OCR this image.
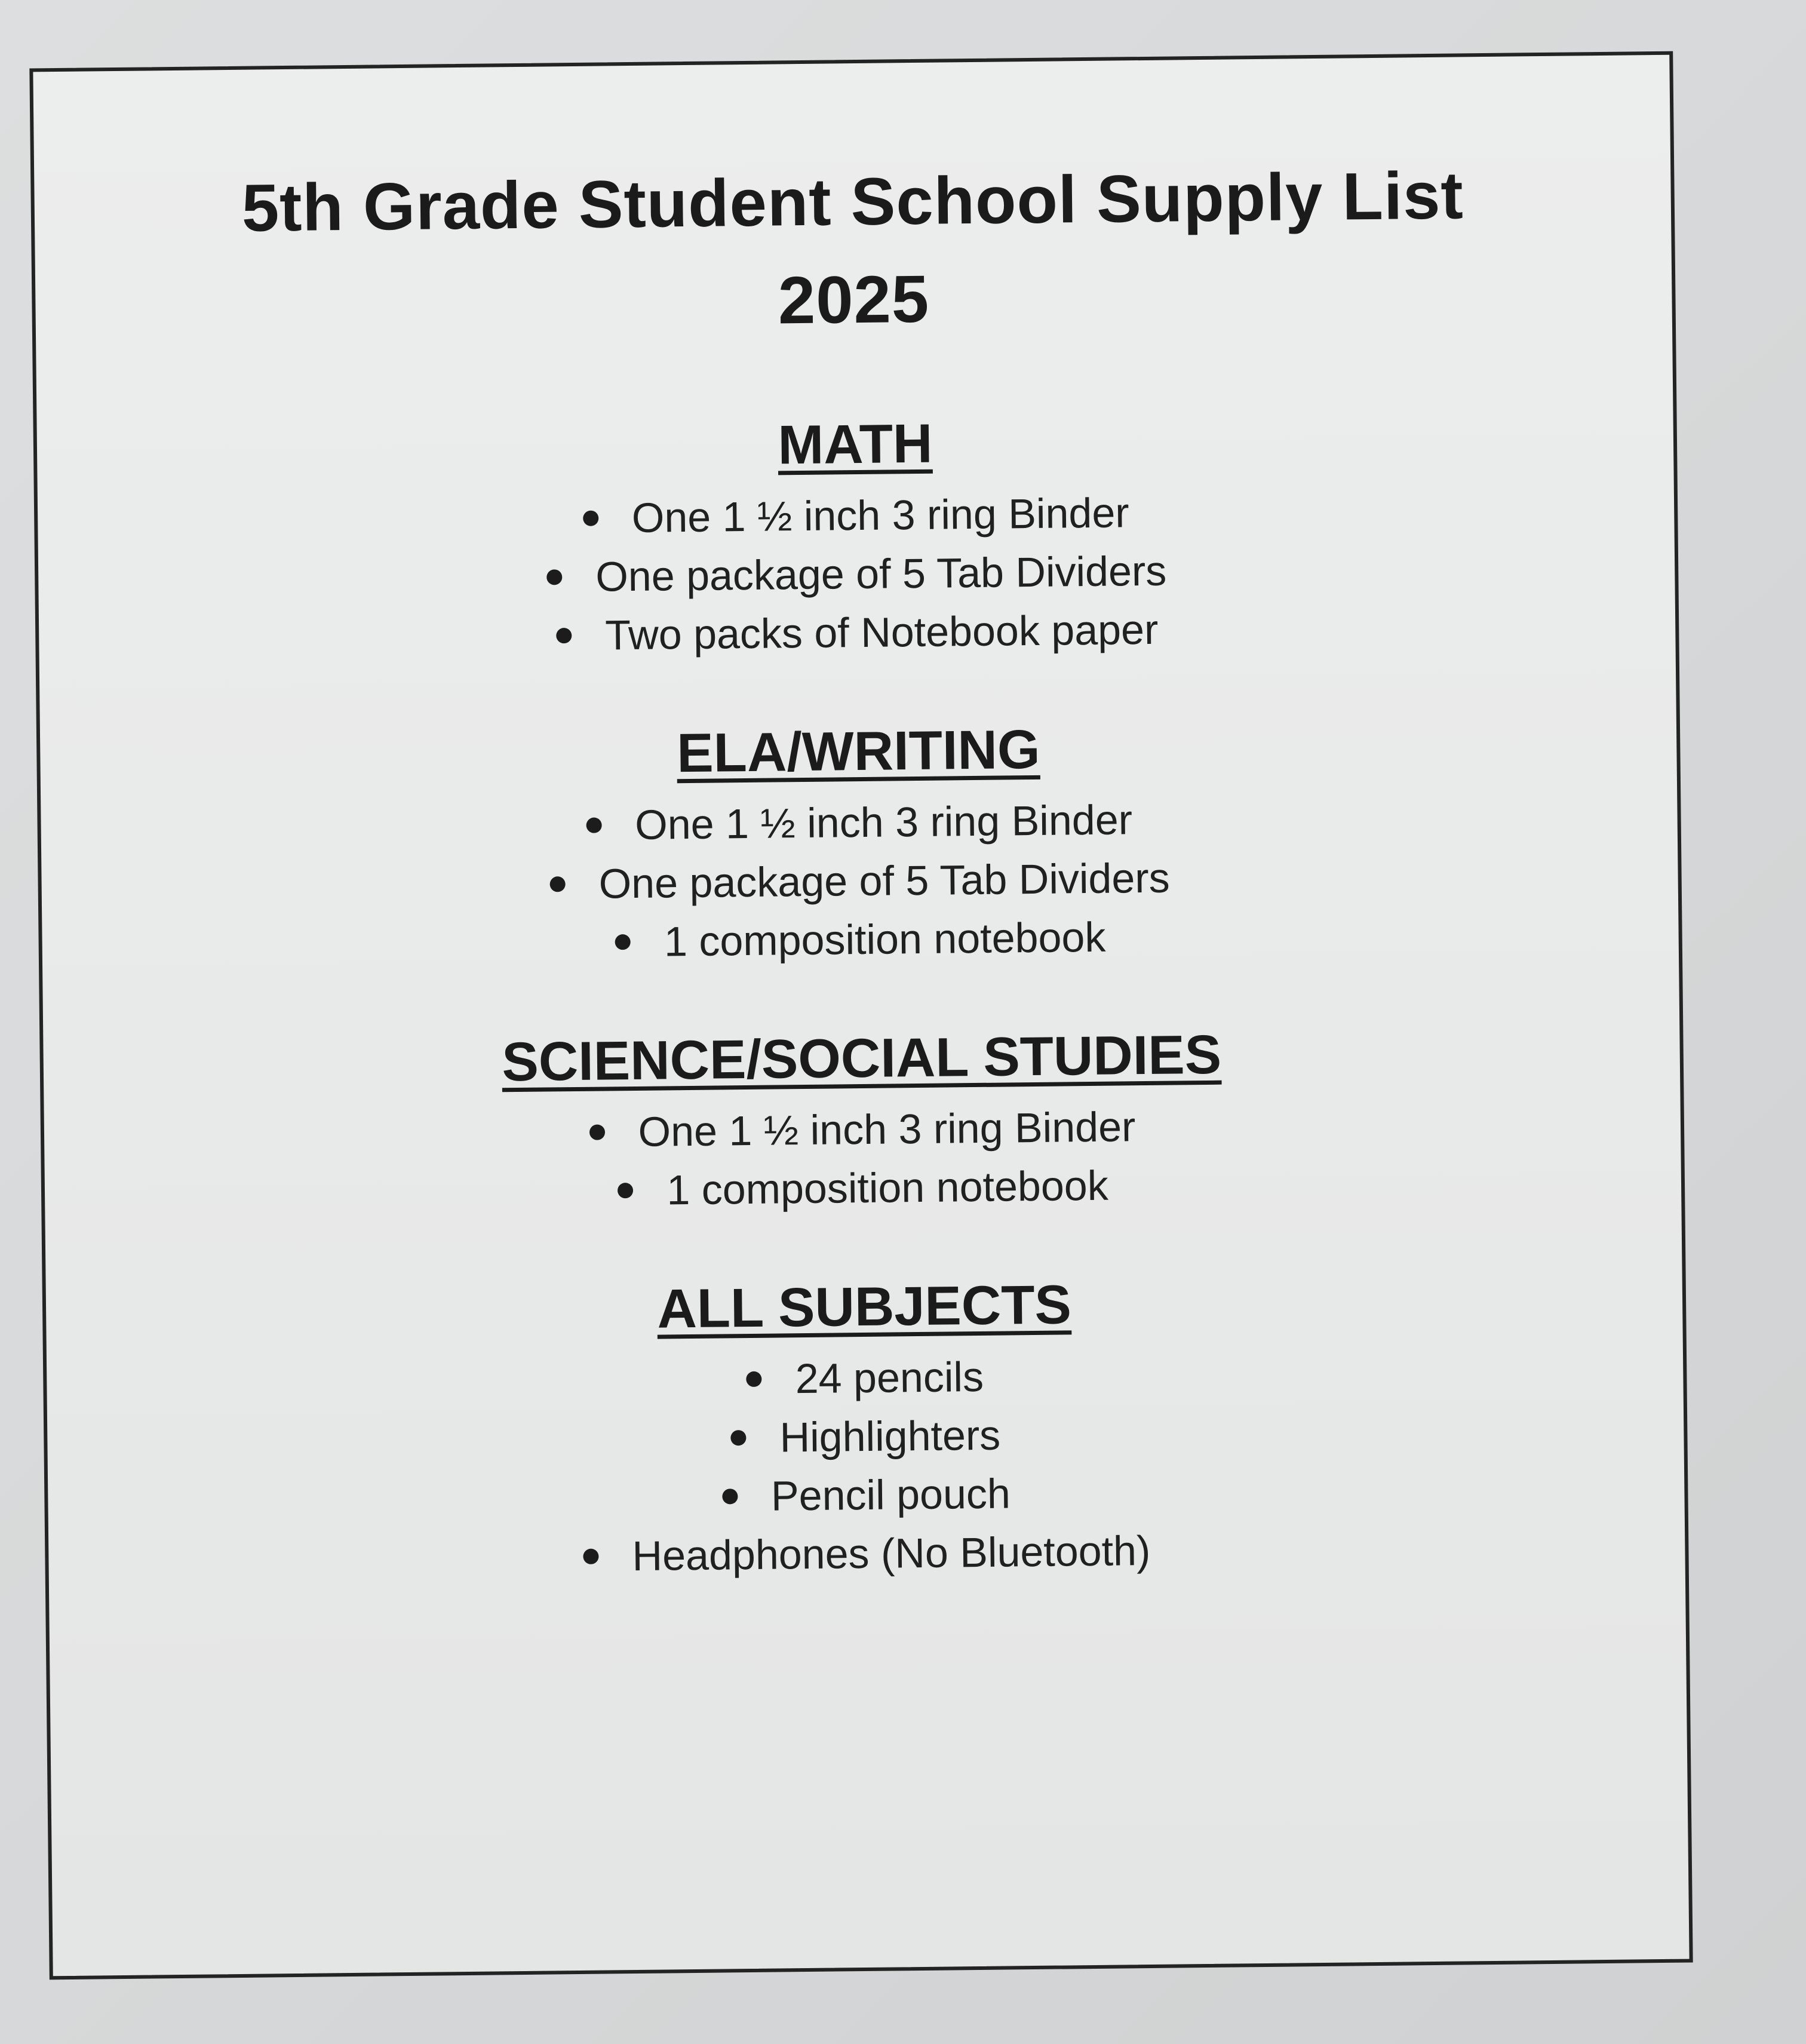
5th Grade Student School Supply List
2025
MATH
One 1 ½ inch 3 ring Binder
One package of 5 Tab Dividers
Two packs of Notebook paper
ELA/WRITING
One 1 ½ inch 3 ring Binder
One package of 5 Tab Dividers
1 composition notebook
SCIENCE/SOCIAL STUDIES
One 1 ½ inch 3 ring Binder
1 composition notebook
ALL SUBJECTS
24 pencils
Highlighters
Pencil pouch
Headphones (No Bluetooth)
